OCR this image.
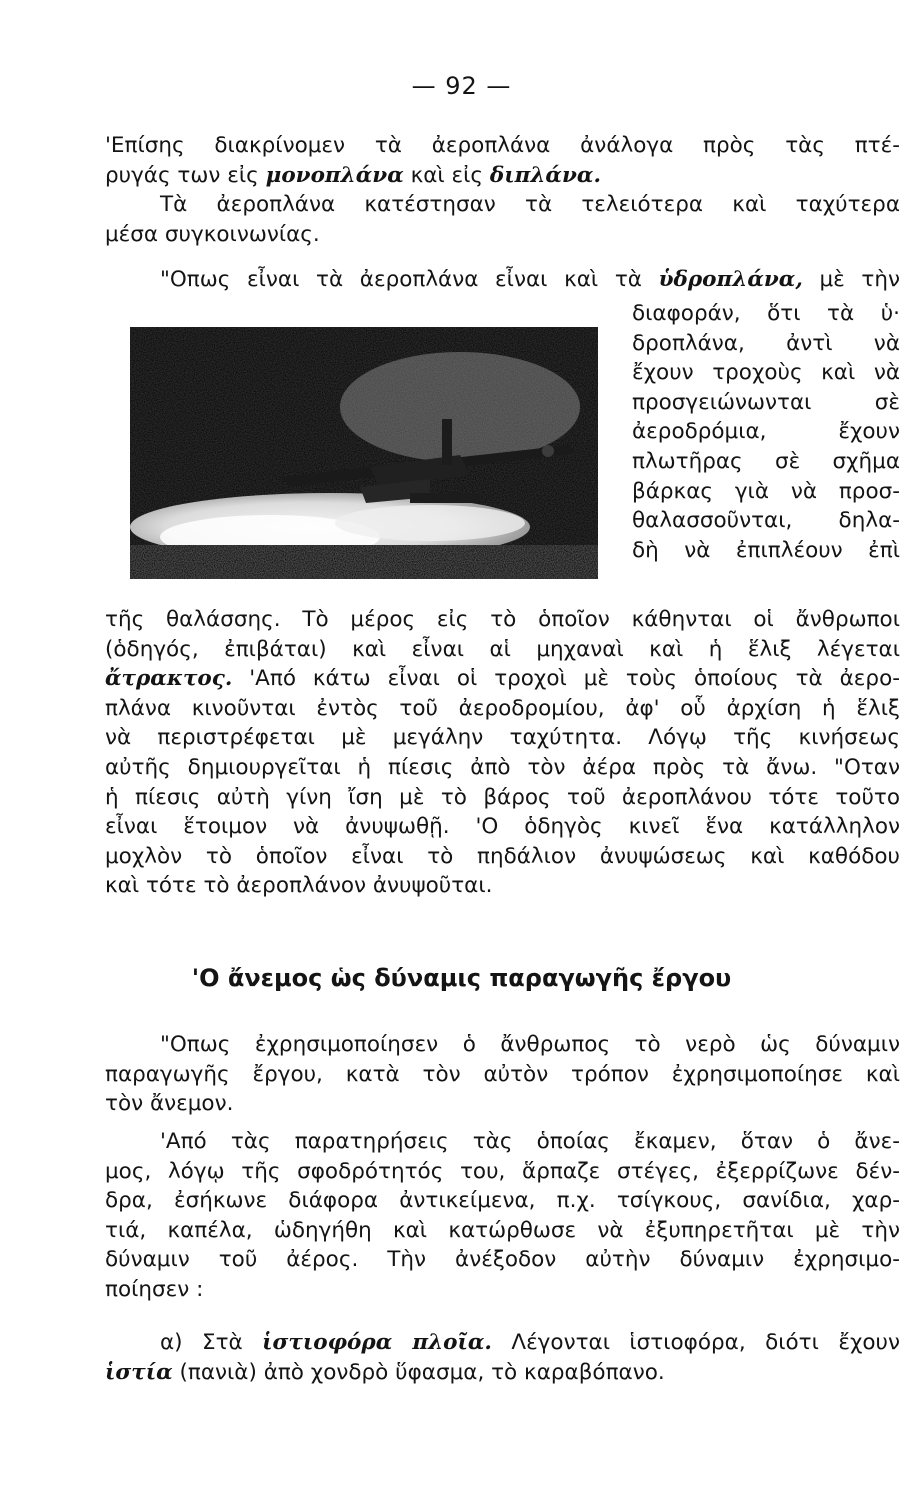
— 92 —
'Επίσης διακρίνομεν τὰ ἀεροπλάνα ἀνάλογα πρὸς τὰς πτέ-
ρυγάς των εἰς μονοπλάνα καὶ εἰς διπλάνα.
Τὰ ἀεροπλάνα κατέστησαν τὰ τελειότερα καὶ ταχύτερα
μέσα συγκοινωνίας.
"Οπως εἶναι τὰ ἀεροπλάνα εἶναι καὶ τὰ ὑδροπλάνα, μὲ τὴν
διαφοράν, ὅτι τὰ ὑ·
δροπλάνα, ἀντὶ νὰ
ἔχουν τροχοὺς καὶ νὰ
προσγειώνωνται σὲ
ἀεροδρόμια, ἔχουν
πλωτῆρας σὲ σχῆμα
βάρκας γιὰ νὰ προσ-
θαλασσοῦνται, δηλα-
δὴ νὰ ἐπιπλέουν ἐπὶ
τῆς θαλάσσης. Τὸ μέρος εἰς τὸ ὁποῖον κάθηνται οἱ ἄνθρωποι
(ὁδηγός, ἐπιβάται) καὶ εἶναι αἱ μηχαναὶ καὶ ἡ ἕλιξ λέγεται
ἄτρακτος. 'Από κάτω εἶναι οἱ τροχοὶ μὲ τοὺς ὁποίους τὰ ἀερο-
πλάνα κινοῦνται ἐντὸς τοῦ ἀεροδρομίου, ἀφ' οὗ ἀρχίση ἡ ἕλιξ
νὰ περιστρέφεται μὲ μεγάλην ταχύτητα. Λόγῳ τῆς κινήσεως
αὐτῆς δημιουργεῖται ἡ πίεσις ἀπὸ τὸν ἀέρα πρὸς τὰ ἄνω. "Οταν
ἡ πίεσις αὐτὴ γίνη ἴση μὲ τὸ βάρος τοῦ ἀεροπλάνου τότε τοῦτο
εἶναι ἕτοιμον νὰ ἀνυψωθῇ. 'Ο ὁδηγὸς κινεῖ ἕνα κατάλληλον
μοχλὸν τὸ ὁποῖον εἶναι τὸ πηδάλιον ἀνυψώσεως καὶ καθόδου
καὶ τότε τὸ ἀεροπλάνον ἀνυψοῦται.
'Ο ἄνεμος ὡς δύναμις παραγωγῆς ἔργου
"Οπως ἐχρησιμοποίησεν ὁ ἄνθρωπος τὸ νερὸ ὡς δύναμιν
παραγωγῆς ἔργου, κατὰ τὸν αὐτὸν τρόπον ἐχρησιμοποίησε καὶ
τὸν ἄνεμον.
'Από τὰς παρατηρήσεις τὰς ὁποίας ἔκαμεν, ὅταν ὁ ἄνε-
μος, λόγῳ τῆς σφοδρότητός του, ἅρπαζε στέγες, ἐξερρίζωνε δέν-
δρα, ἐσήκωνε διάφορα ἀντικείμενα, π.χ. τσίγκους, σανίδια, χαρ-
τιά, καπέλα, ὡδηγήθη καὶ κατώρθωσε νὰ ἐξυπηρετῆται μὲ τὴν
δύναμιν τοῦ ἀέρος. Τὴν ἀνέξοδον αὐτὴν δύναμιν ἐχρησιμο-
ποίησεν :
α) Στὰ ἱστιοφόρα πλοῖα. Λέγονται ἱστιοφόρα, διότι ἔχουν
ἱστία (πανιὰ) ἀπὸ χονδρὸ ὕφασμα, τὸ καραβόπανο.
